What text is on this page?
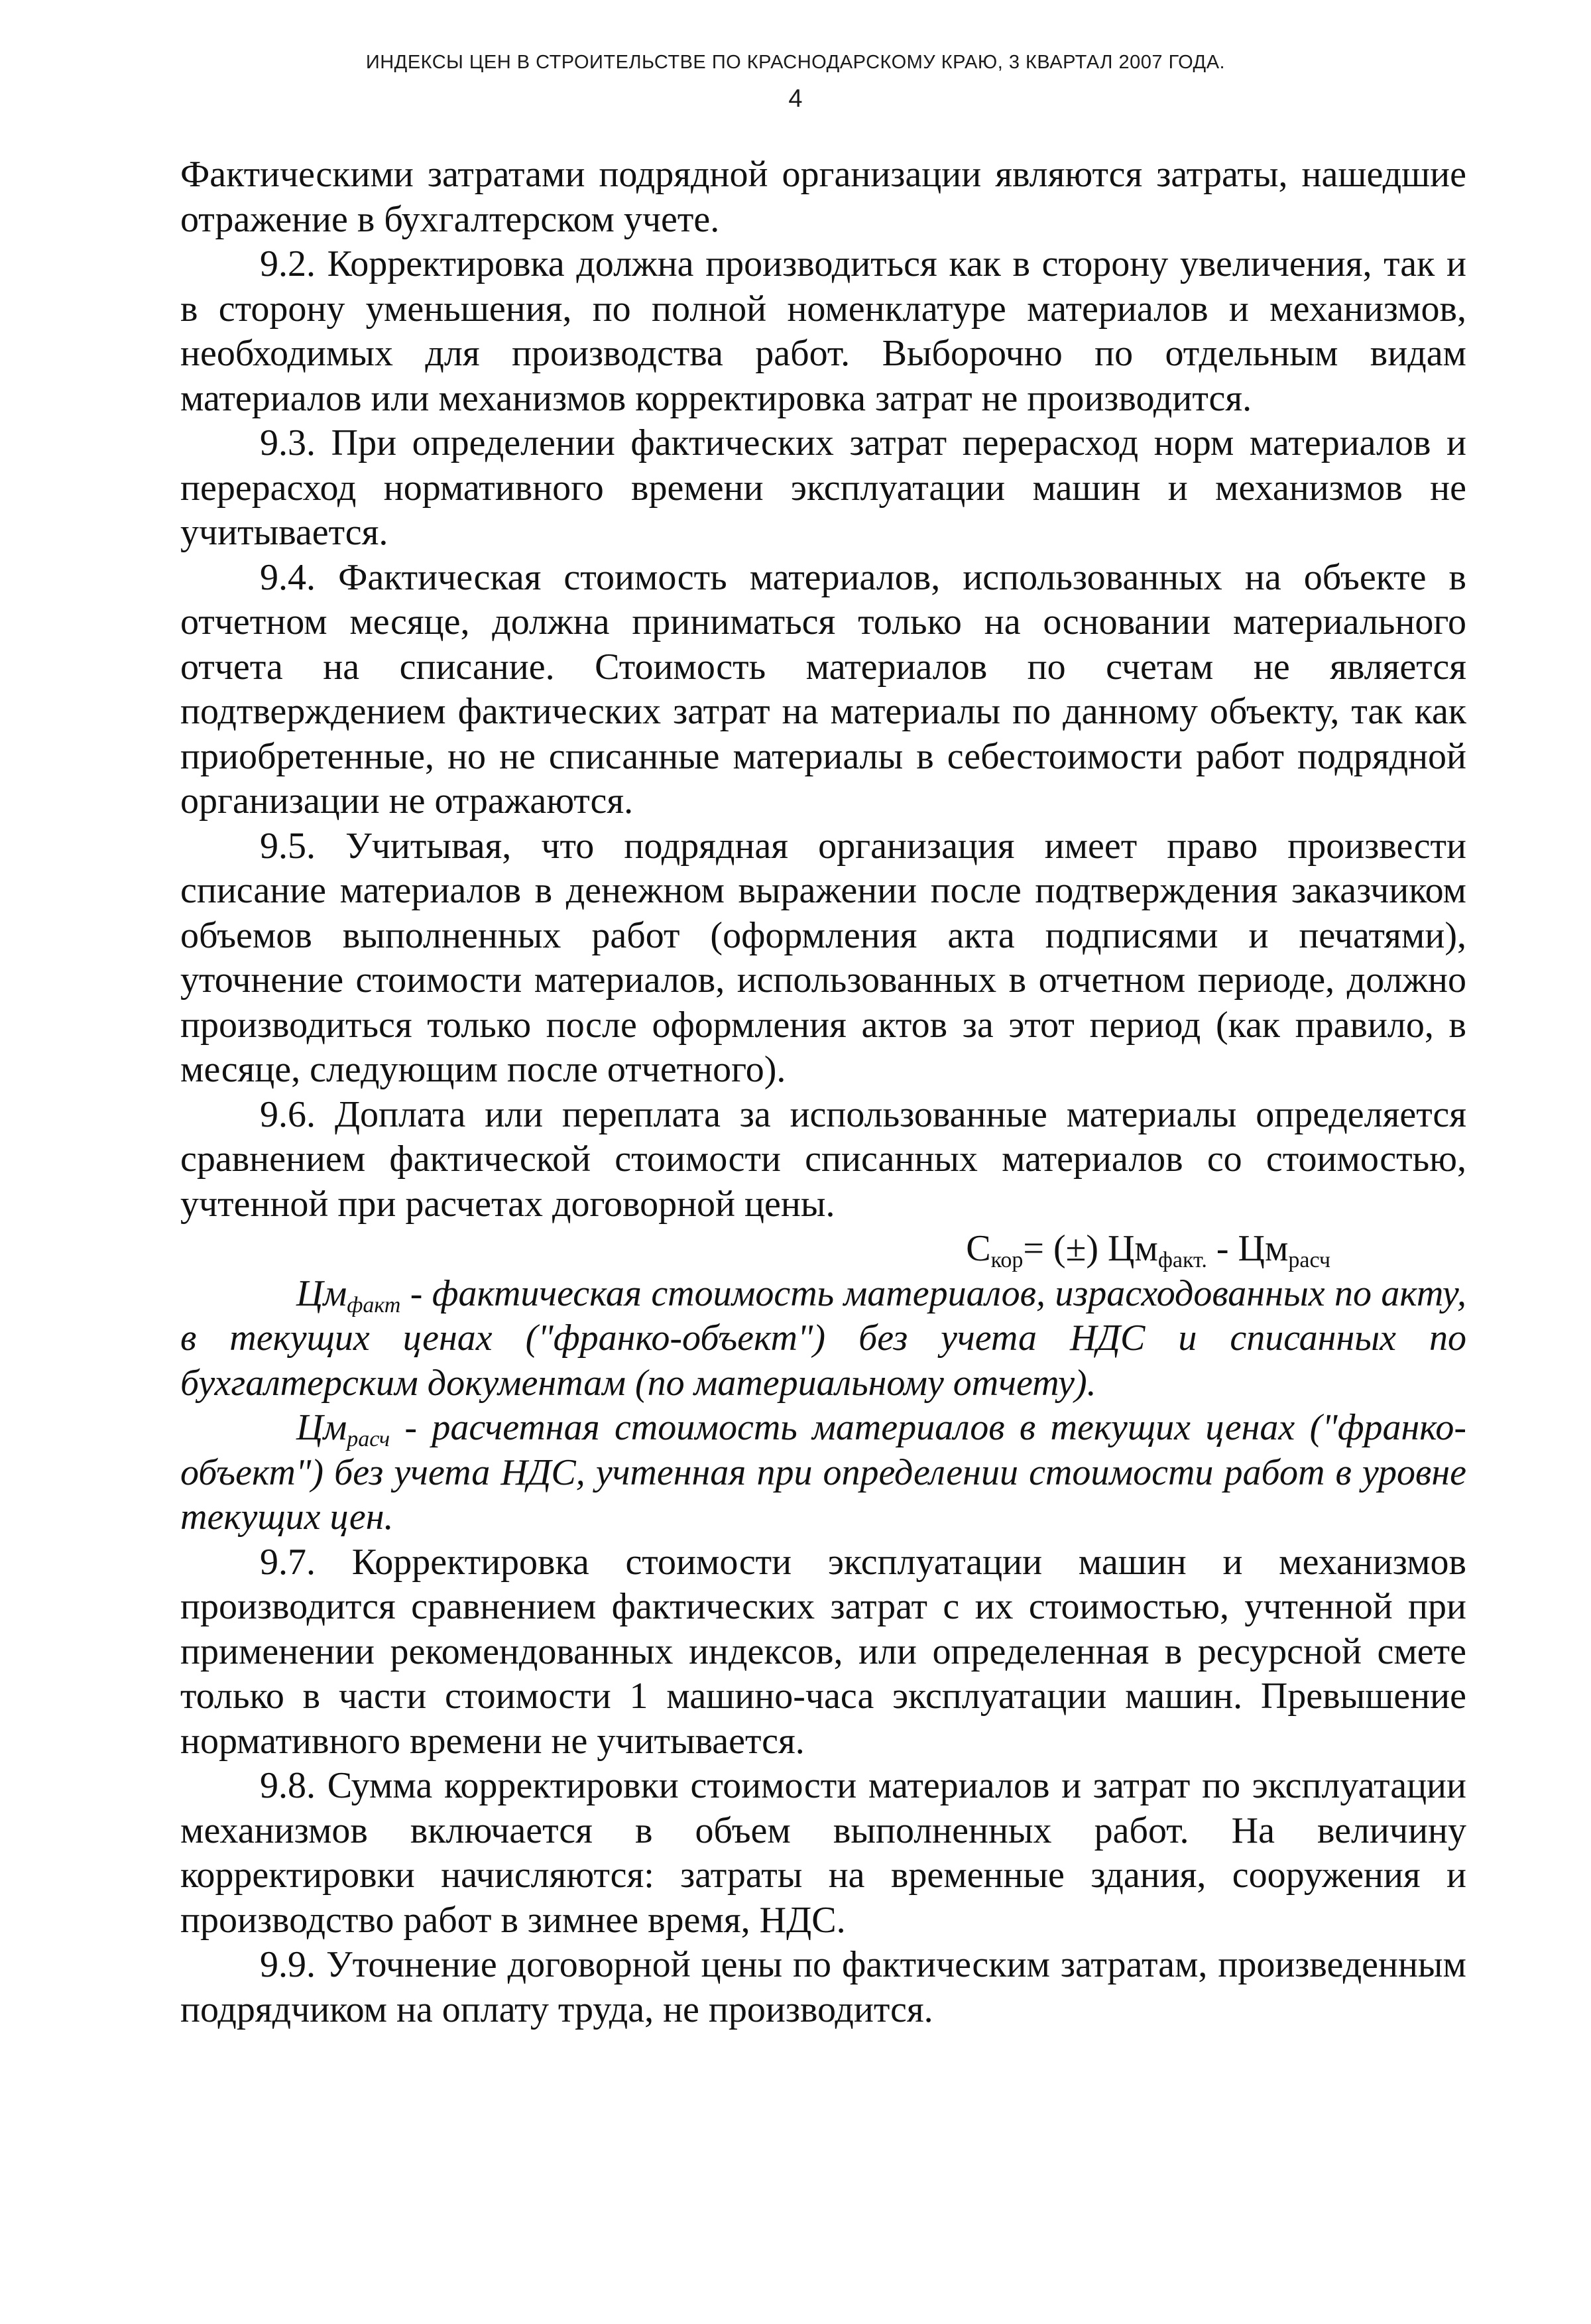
ИНДЕКСЫ ЦЕН В СТРОИТЕЛЬСТВЕ ПО КРАСНОДАРСКОМУ КРАЮ, 3 КВАРТАЛ 2007 ГОДА.
4

Фактическими затратами подрядной организации являются затраты, нашедшие отражение в бухгалтерском учете.

9.2. Корректировка должна производиться как в сторону увеличения, так и в сторону уменьшения, по полной номенклатуре материалов и механизмов, необходимых для производства работ. Выборочно по отдельным видам материалов или механизмов корректировка затрат не производится.

9.3. При определении фактических затрат перерасход норм материалов и перерасход нормативного времени эксплуатации машин и механизмов не учитывается.

9.4. Фактическая стоимость материалов, использованных на объекте в отчетном месяце, должна приниматься только на основании материального отчета на списание. Стоимость материалов по счетам не является подтверждением фактических затрат на материалы по данному объекту, так как приобретенные, но не списанные материалы в себестоимости работ подрядной организации не отражаются.

9.5. Учитывая, что подрядная организация имеет право произвести списание материалов в денежном выражении после подтверждения заказчиком объемов выполненных работ (оформления акта подписями и печатями), уточнение стоимости материалов, использованных в отчетном периоде, должно производиться только после оформления актов за этот период (как правило, в месяце, следующим после отчетного).

9.6. Доплата или переплата за использованные материалы определяется сравнением фактической стоимости списанных материалов со стоимостью, учтенной при расчетах договорной цены.

$С_{кор}=$ (±) $Цм_{факт.} - Цм_{расч}$

$Цм_{факт}$ - фактическая стоимость материалов, израсходованных по акту, в текущих ценах ("франко-объект") без учета НДС и списанных по бухгалтерским документам (по материальному отчету).

$Цм_{расч}$ - расчетная стоимость материалов в текущих ценах ("франко-объект") без учета НДС, учтенная при определении стоимости работ в уровне текущих цен.

9.7. Корректировка стоимости эксплуатации машин и механизмов производится сравнением фактических затрат с их стоимостью, учтенной при применении рекомендованных индексов, или определенная в ресурсной смете только в части стоимости 1 машино-часа эксплуатации машин. Превышение нормативного времени не учитывается.

9.8. Сумма корректировки стоимости материалов и затрат по эксплуатации механизмов включается в объем выполненных работ. На величину корректировки начисляются: затраты на временные здания, сооружения и производство работ в зимнее время, НДС.

9.9. Уточнение договорной цены по фактическим затратам, произведенным подрядчиком на оплату труда, не производится.
